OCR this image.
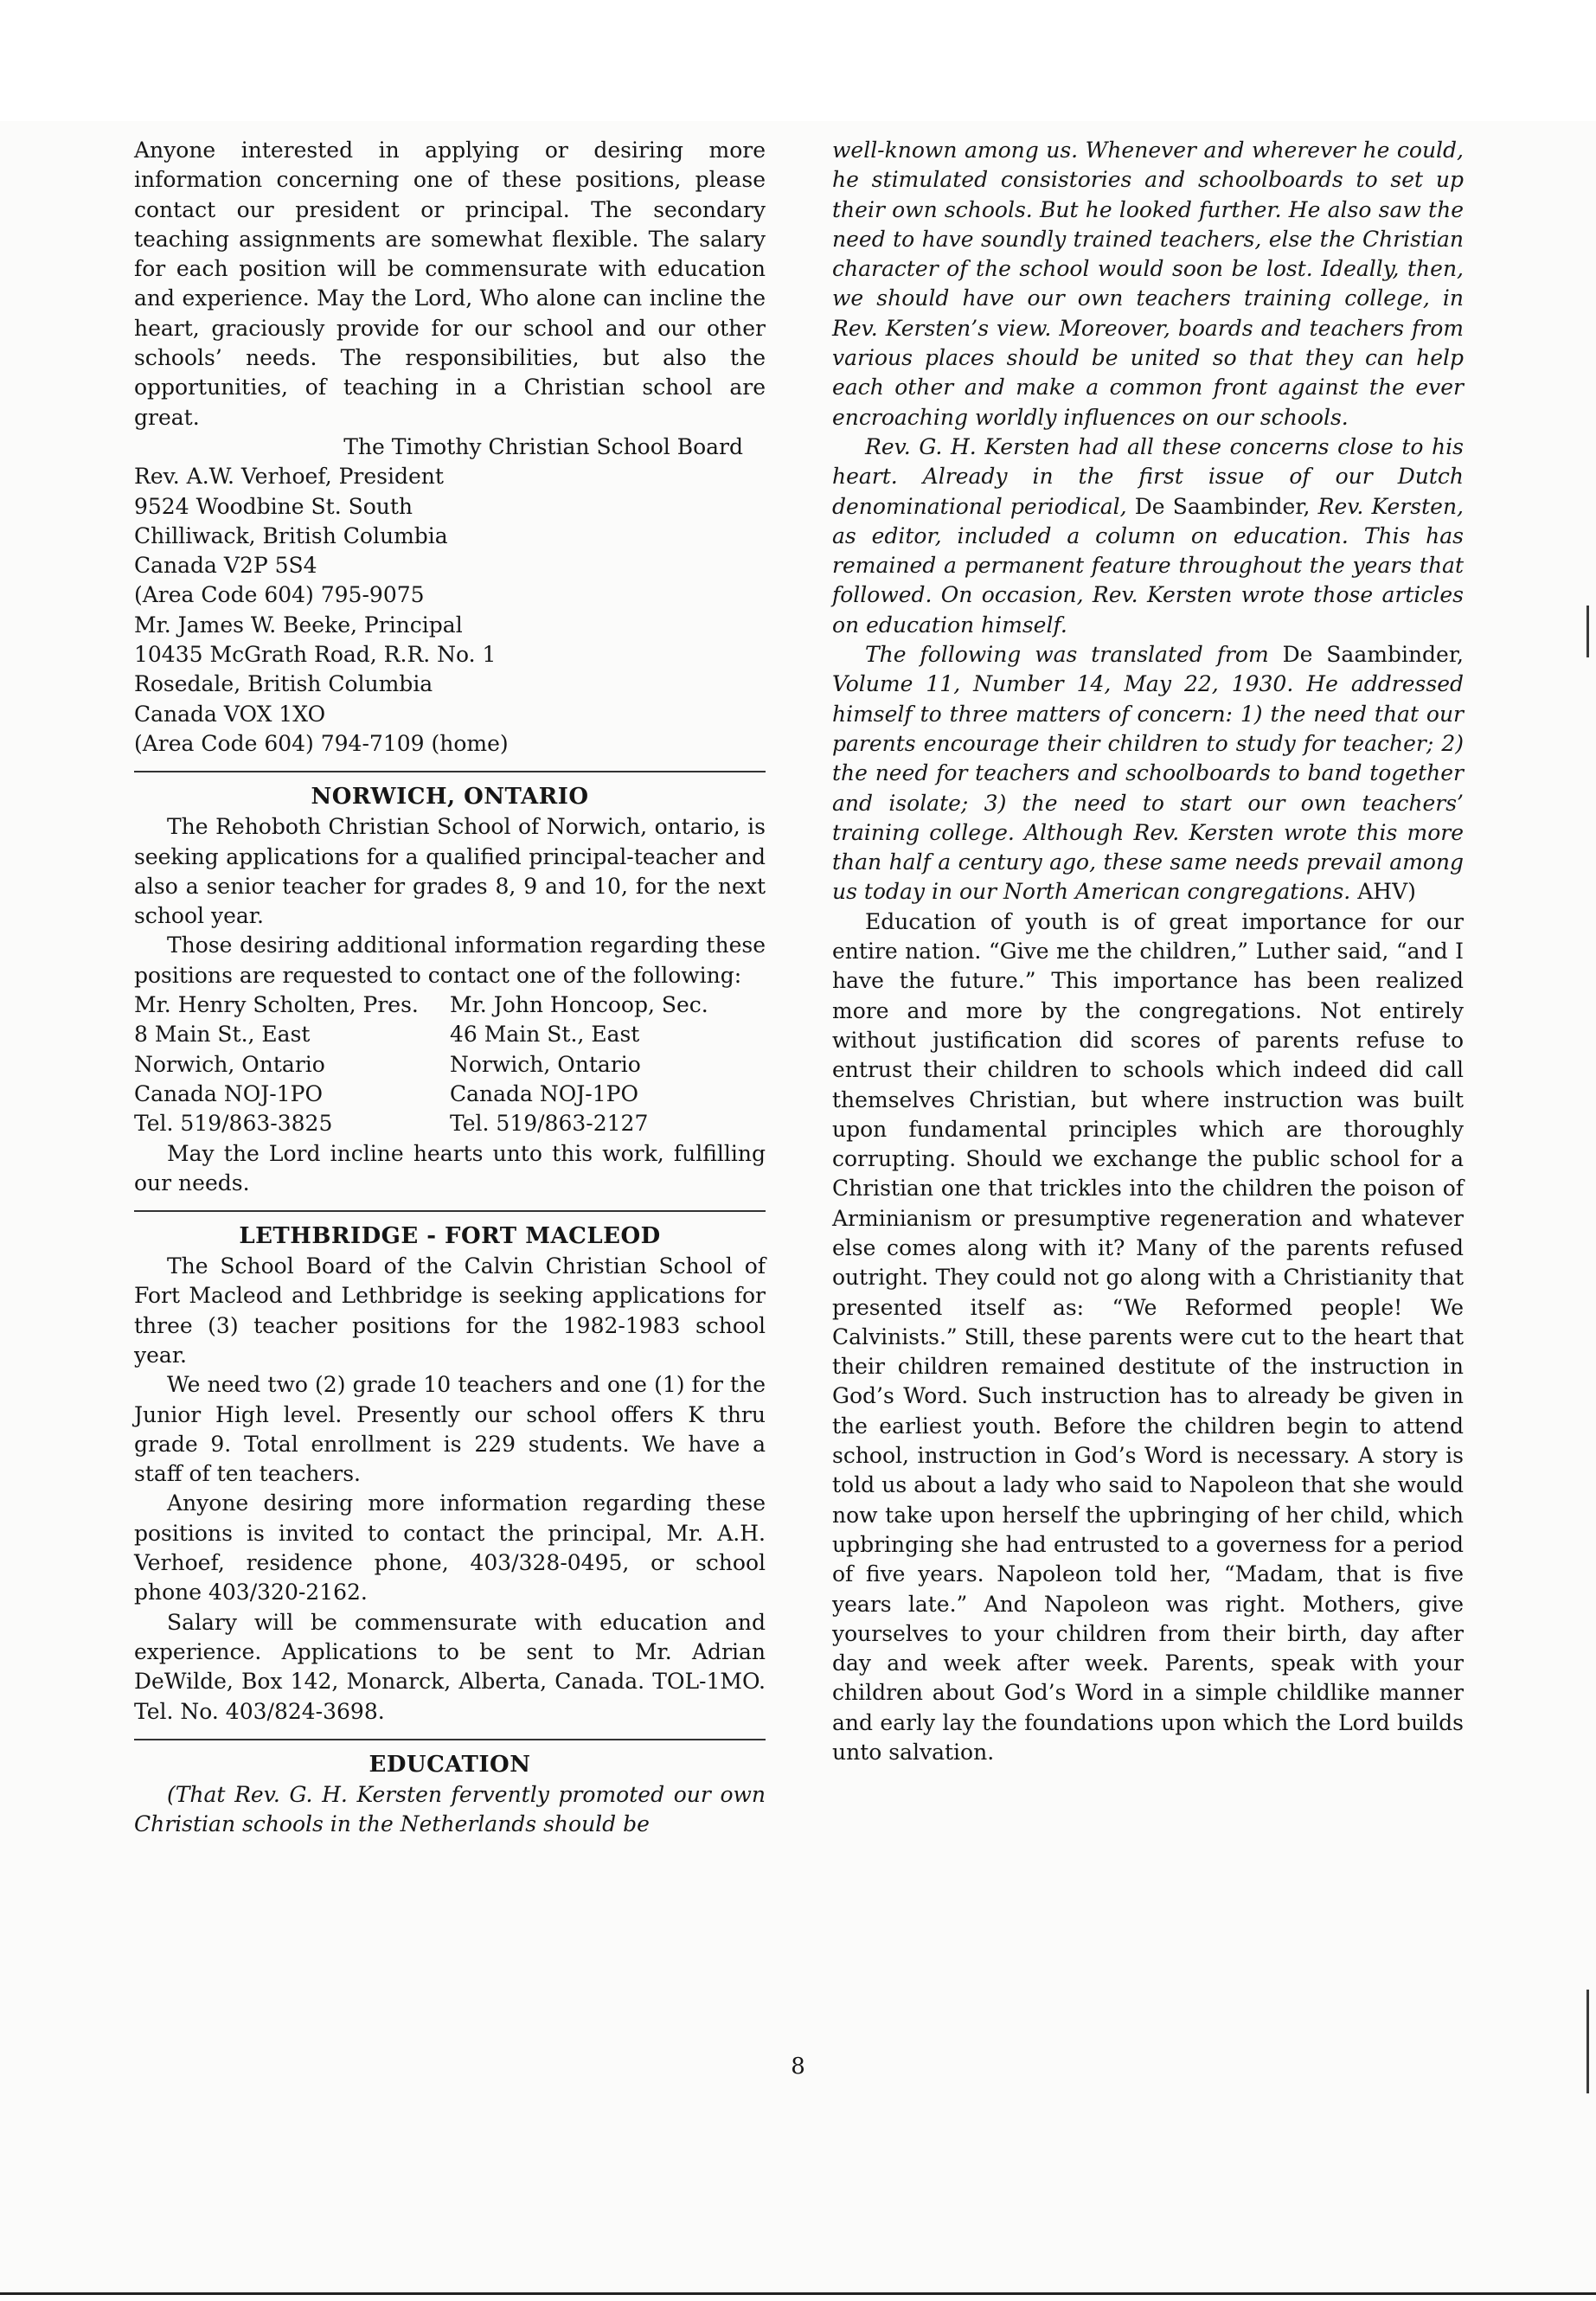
Anyone interested in applying or desiring more information concerning one of these positions, please contact our president or principal. The secondary teaching assignments are somewhat flexible. The salary for each position will be commensurate with education and experience. May the Lord, Who alone can incline the heart, graciously provide for our school and our other schools’ needs. The responsibilities, but also the opportunities, of teaching in a Christian school are great.

The Timothy Christian School Board

Rev. A.W. Verhoef, President

9524 Woodbine St. South

Chilliwack, British Columbia

Canada V2P 5S4

(Area Code 604) 795-9075

Mr. James W. Beeke, Principal

10435 McGrath Road, R.R. No. 1

Rosedale, British Columbia

Canada VOX 1XO

(Area Code 604) 794-7109 (home)

NORWICH, ONTARIO

The Rehoboth Christian School of Norwich, ontario, is seeking applications for a qualified principal-teacher and also a senior teacher for grades 8, 9 and 10, for the next school year.

Those desiring additional information regarding these positions are requested to contact one of the following:

Mr. Henry Scholten, Pres.

8 Main St., East

Norwich, Ontario

Canada NOJ-1PO

Tel. 519/863-3825

Mr. John Honcoop, Sec.

46 Main St., East

Norwich, Ontario

Canada NOJ-1PO

Tel. 519/863-2127

May the Lord incline hearts unto this work, fulfilling our needs.

LETHBRIDGE - FORT MACLEOD

The School Board of the Calvin Christian School of Fort Macleod and Lethbridge is seeking applications for three (3) teacher positions for the 1982-1983 school year.

We need two (2) grade 10 teachers and one (1) for the Junior High level. Presently our school offers K thru grade 9. Total enrollment is 229 students. We have a staff of ten teachers.

Anyone desiring more information regarding these positions is invited to contact the principal, Mr. A.H. Verhoef, residence phone, 403/328-0495, or school phone 403/320-2162.

Salary will be commensurate with education and experience. Applications to be sent to Mr. Adrian DeWilde, Box 142, Monarck, Alberta, Canada. TOL-1MO. Tel. No. 403/824-3698.

EDUCATION

(That Rev. G. H. Kersten fervently promoted our own Christian schools in the Netherlands should be

well-known among us. Whenever and wherever he could, he stimulated consistories and schoolboards to set up their own schools. But he looked further. He also saw the need to have soundly trained teachers, else the Christian character of the school would soon be lost. Ideally, then, we should have our own teachers training college, in Rev. Kersten’s view. Moreover, boards and teachers from various places should be united so that they can help each other and make a common front against the ever encroaching worldly influences on our schools.

Rev. G. H. Kersten had all these concerns close to his heart. Already in the first issue of our Dutch denominational periodical, De Saambinder, Rev. Kersten, as editor, included a column on education. This has remained a permanent feature throughout the years that followed. On occasion, Rev. Kersten wrote those articles on education himself.

The following was translated from De Saambinder, Volume 11, Number 14, May 22, 1930. He addressed himself to three matters of concern: 1) the need that our parents encourage their children to study for teacher; 2) the need for teachers and schoolboards to band together and isolate; 3) the need to start our own teachers’ training college. Although Rev. Kersten wrote this more than half a century ago, these same needs prevail among us today in our North American congregations. AHV)

Education of youth is of great importance for our entire nation. “Give me the children,” Luther said, “and I have the future.” This importance has been realized more and more by the congregations. Not entirely without justification did scores of parents refuse to entrust their children to schools which indeed did call themselves Christian, but where instruction was built upon fundamental principles which are thoroughly corrupting. Should we exchange the public school for a Christian one that trickles into the children the poison of Arminianism or presumptive regeneration and whatever else comes along with it? Many of the parents refused outright. They could not go along with a Christianity that presented itself as: “We Reformed people! We Calvinists.” Still, these parents were cut to the heart that their children remained destitute of the instruction in God’s Word. Such instruction has to already be given in the earliest youth. Before the children begin to attend school, instruction in God’s Word is necessary. A story is told us about a lady who said to Napoleon that she would now take upon herself the upbringing of her child, which upbringing she had entrusted to a governess for a period of five years. Napoleon told her, “Madam, that is five years late.” And Napoleon was right. Mothers, give yourselves to your children from their birth, day after day and week after week. Parents, speak with your children about God’s Word in a simple childlike manner and early lay the foundations upon which the Lord builds unto salvation.

8
